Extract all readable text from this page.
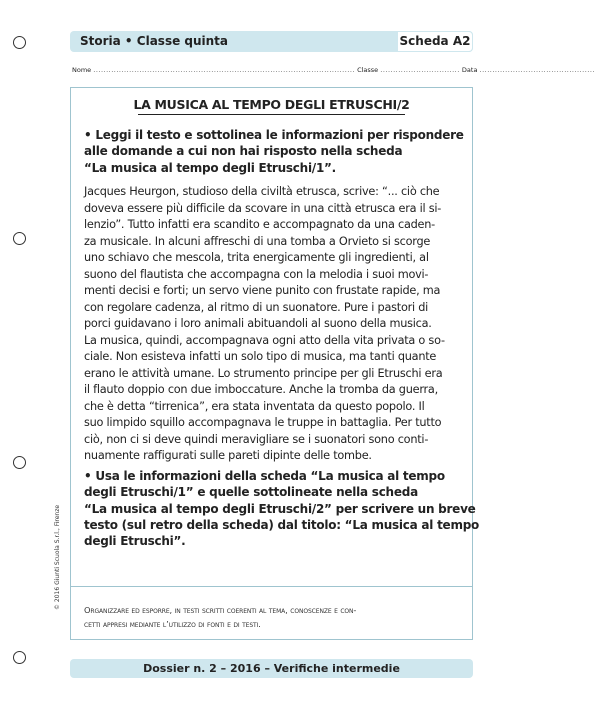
Storia • Classe quinta	Scheda A2
Nome ...................................................................................................... Classe ............................... Data .............................................
LA MUSICA AL TEMPO DEGLI ETRUSCHI/2
• Leggi il testo e sottolinea le informazioni per rispondere
alle domande a cui non hai risposto nella scheda
“La musica al tempo degli Etruschi/1”.
Jacques Heurgon, studioso della civiltà etrusca, scrive: “... ciò che
doveva essere più difficile da scovare in una città etrusca era il si-
lenzio”. Tutto infatti era scandito e accompagnato da una caden-
za musicale. In alcuni affreschi di una tomba a Orvieto si scorge
uno schiavo che mescola, trita energicamente gli ingredienti, al
suono del flautista che accompagna con la melodia i suoi movi-
menti decisi e forti; un servo viene punito con frustate rapide, ma
con regolare cadenza, al ritmo di un suonatore. Pure i pastori di
porci guidavano i loro animali abituandoli al suono della musica.
La musica, quindi, accompagnava ogni atto della vita privata o so-
ciale. Non esisteva infatti un solo tipo di musica, ma tanti quante
erano le attività umane. Lo strumento principe per gli Etruschi era
il flauto doppio con due imboccature. Anche la tromba da guerra,
che è detta “tirrenica”, era stata inventata da questo popolo. Il
suo limpido squillo accompagnava le truppe in battaglia. Per tutto
ciò, non ci si deve quindi meravigliare se i suonatori sono conti-
nuamente raffigurati sulle pareti dipinte delle tombe.
• Usa le informazioni della scheda “La musica al tempo
degli Etruschi/1” e quelle sottolineate nella scheda
“La musica al tempo degli Etruschi/2” per scrivere un breve
testo (sul retro della scheda) dal titolo: “La musica al tempo
degli Etruschi”.
Organizzare ed esporre, in testi scritti coerenti al tema, conoscenze e con-
cetti appresi mediante l’utilizzo di fonti e di testi.
© 2016 Giunti Scuola S.r.l., Firenze
Dossier n. 2 – 2016 – Verifiche intermedie
